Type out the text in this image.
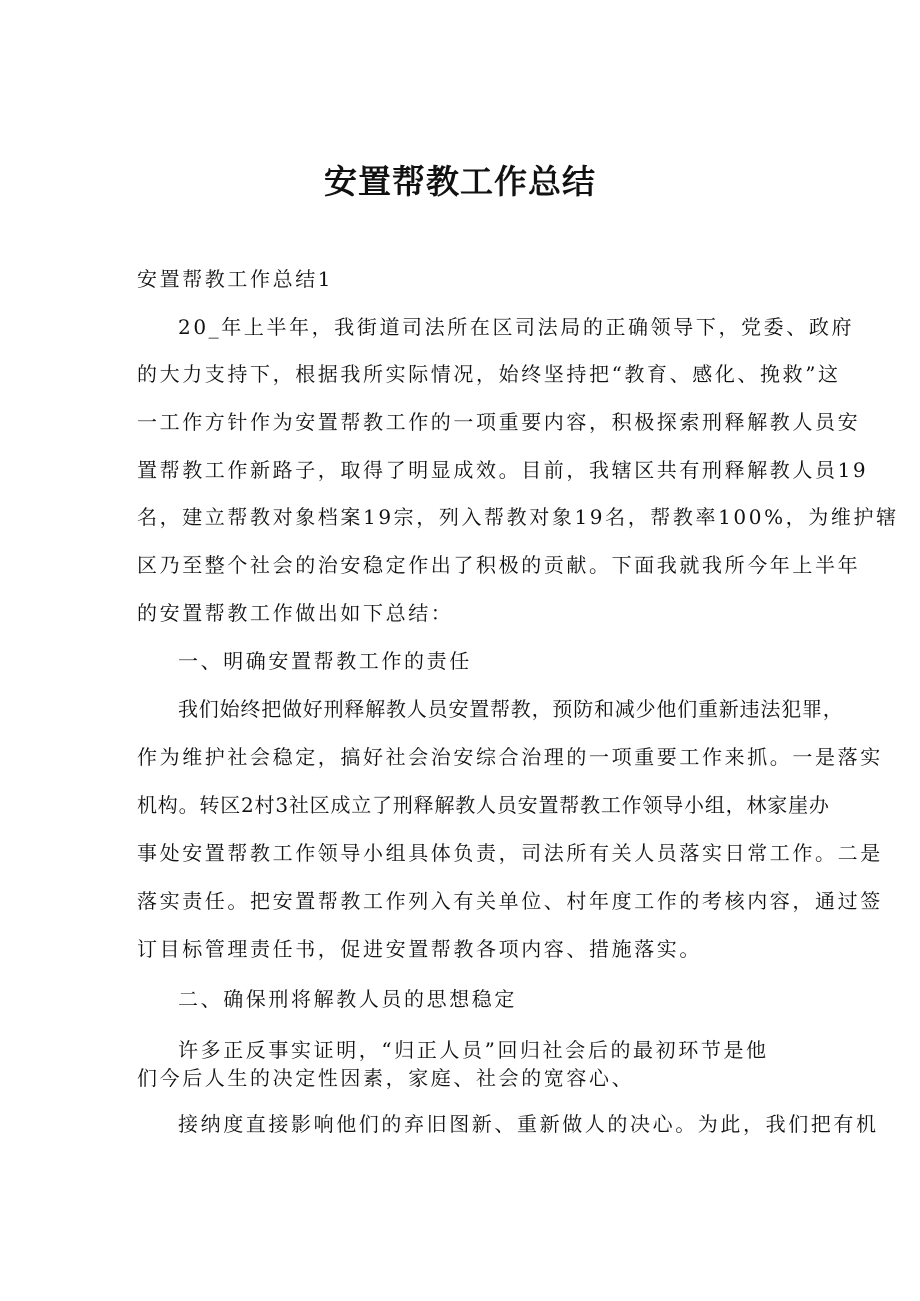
安置帮教工作总结

安置帮教工作总结1

20_年上半年，我街道司法所在区司法局的正确领导下，党委、政府

的大力支持下，根据我所实际情况，始终坚持把“教育、感化、挽救”这

一工作方针作为安置帮教工作的一项重要内容，积极探索刑释解教人员安

置帮教工作新路子，取得了明显成效。目前，我辖区共有刑释解教人员19

名，建立帮教对象档案19宗，列入帮教对象19名，帮教率100%，为维护辖

区乃至整个社会的治安稳定作出了积极的贡献。下面我就我所今年上半年

的安置帮教工作做出如下总结：

一、明确安置帮教工作的责任

我们始终把做好刑释解教人员安置帮教，预防和减少他们重新违法犯罪，

作为维护社会稳定，搞好社会治安综合治理的一项重要工作来抓。一是落实

机构。转区2村3社区成立了刑释解教人员安置帮教工作领导小组，林家崖办

事处安置帮教工作领导小组具体负责，司法所有关人员落实日常工作。二是

落实责任。把安置帮教工作列入有关单位、村年度工作的考核内容，通过签

订目标管理责任书，促进安置帮教各项内容、措施落实。

二、确保刑将解教人员的思想稳定

许多正反事实证明，“归正人员”回归社会后的最初环节是他

们今后人生的决定性因素，家庭、社会的宽容心、

接纳度直接影响他们的弃旧图新、重新做人的决心。为此，我们把有机
